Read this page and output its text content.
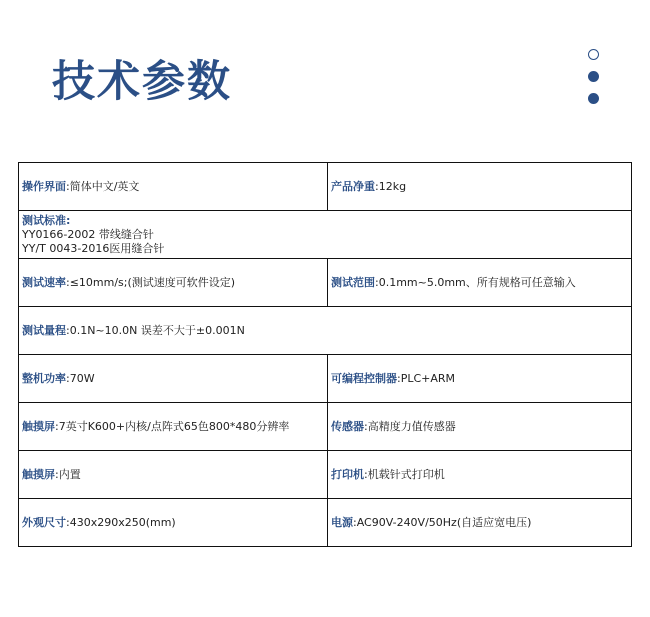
技术参数
操作界面:简体中文/英文	产品净重:12kg

测试标准:
YY0166-2002 带线缝合针
YY/T 0043-2016医用缝合针	

测试速率:≤10mm/s;(测试速度可软件设定)	测试范围:0.1mm~5.0mm、所有规格可任意输入
测试量程:0.1N~10.0N 误差不大于±0.001N	
整机功率:70W	可编程控制器:PLC+ARM
触摸屏:7英寸K600+内核/点阵式65色800*480分辨率	传感器:高精度力值传感器
触摸屏:内置	打印机:机载针式打印机
外观尺寸:430x290x250(mm)	电源:AC90V-240V/50Hz(自适应宽电压)
